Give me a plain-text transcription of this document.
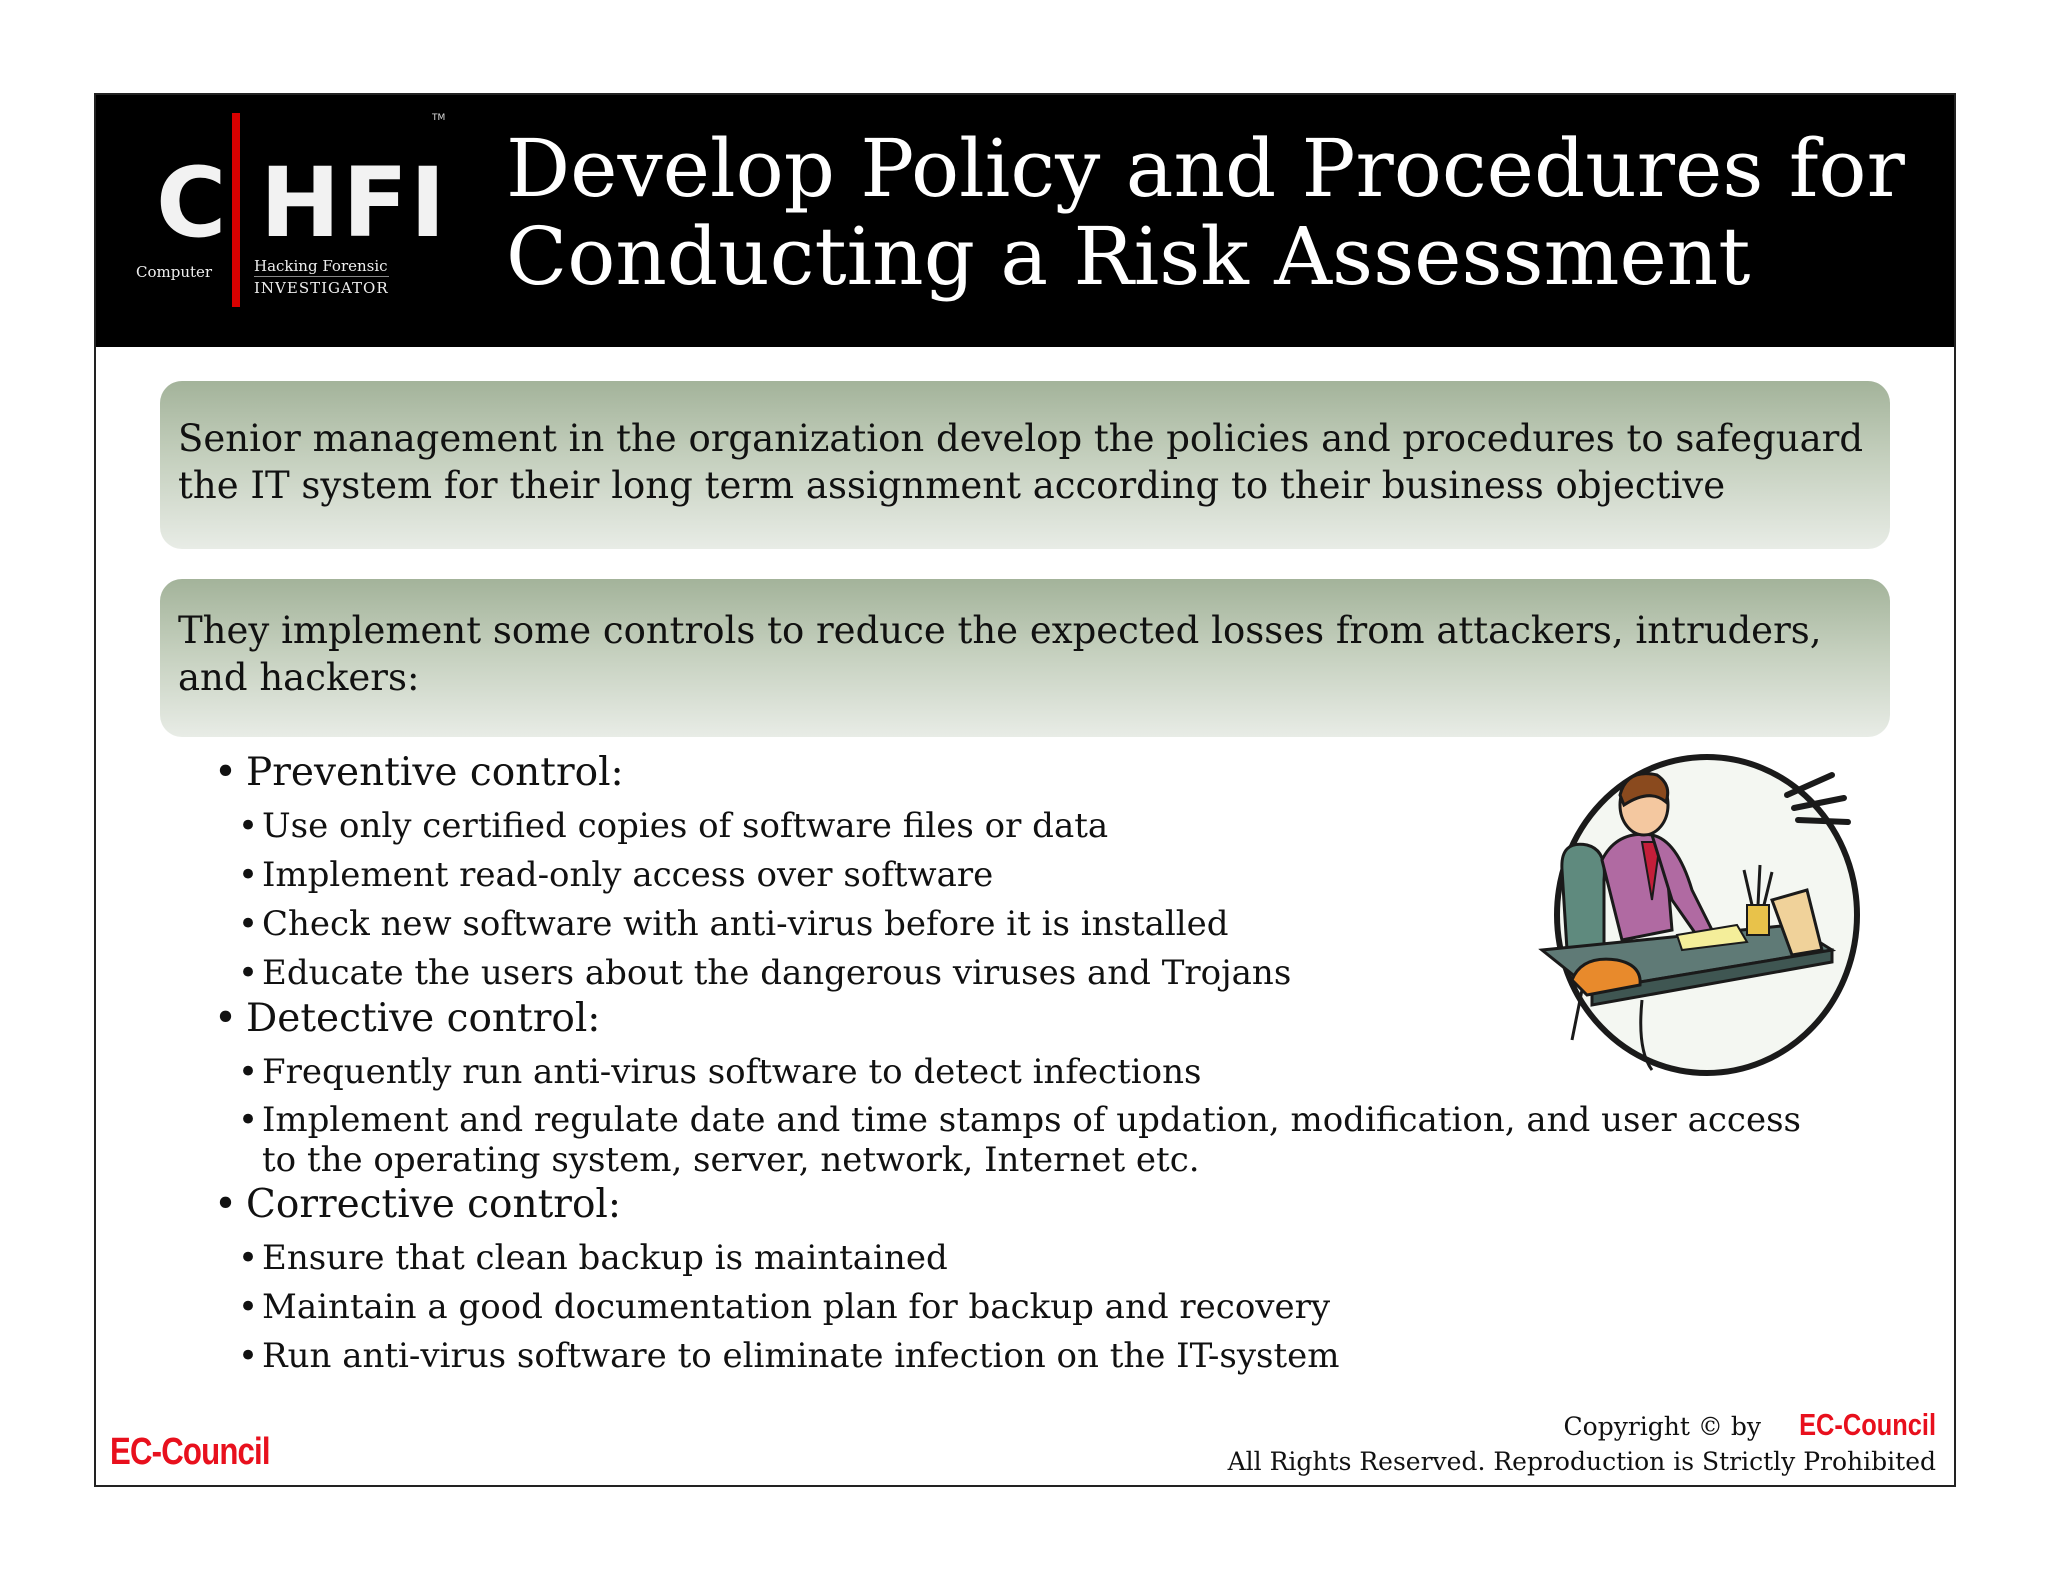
C HFI
TM
Computer	Hacking Forensic
INVESTIGATOR
Develop Policy and Procedures for
Conducting a Risk Assessment
Senior management in the organization develop the policies and procedures to safeguard the IT system for their long term assignment according to their business objective
They implement some controls to reduce the expected losses from attackers, intruders, and hackers:
• Preventive control:
• Use only certified copies of software files or data
• Implement read-only access over software
• Check new software with anti-virus before it is installed
• Educate the users about the dangerous viruses and Trojans
• Detective control:
• Frequently run anti-virus software to detect infections
• Implement and regulate date and time stamps of updation, modification, and user access to the operating system, server, network, Internet etc.
• Corrective control:
• Ensure that clean backup is maintained
• Maintain a good documentation plan for backup and recovery
• Run anti-virus software to eliminate infection on the IT-system
EC-Council
Copyright © by EC-Council
All Rights Reserved. Reproduction is Strictly Prohibited
